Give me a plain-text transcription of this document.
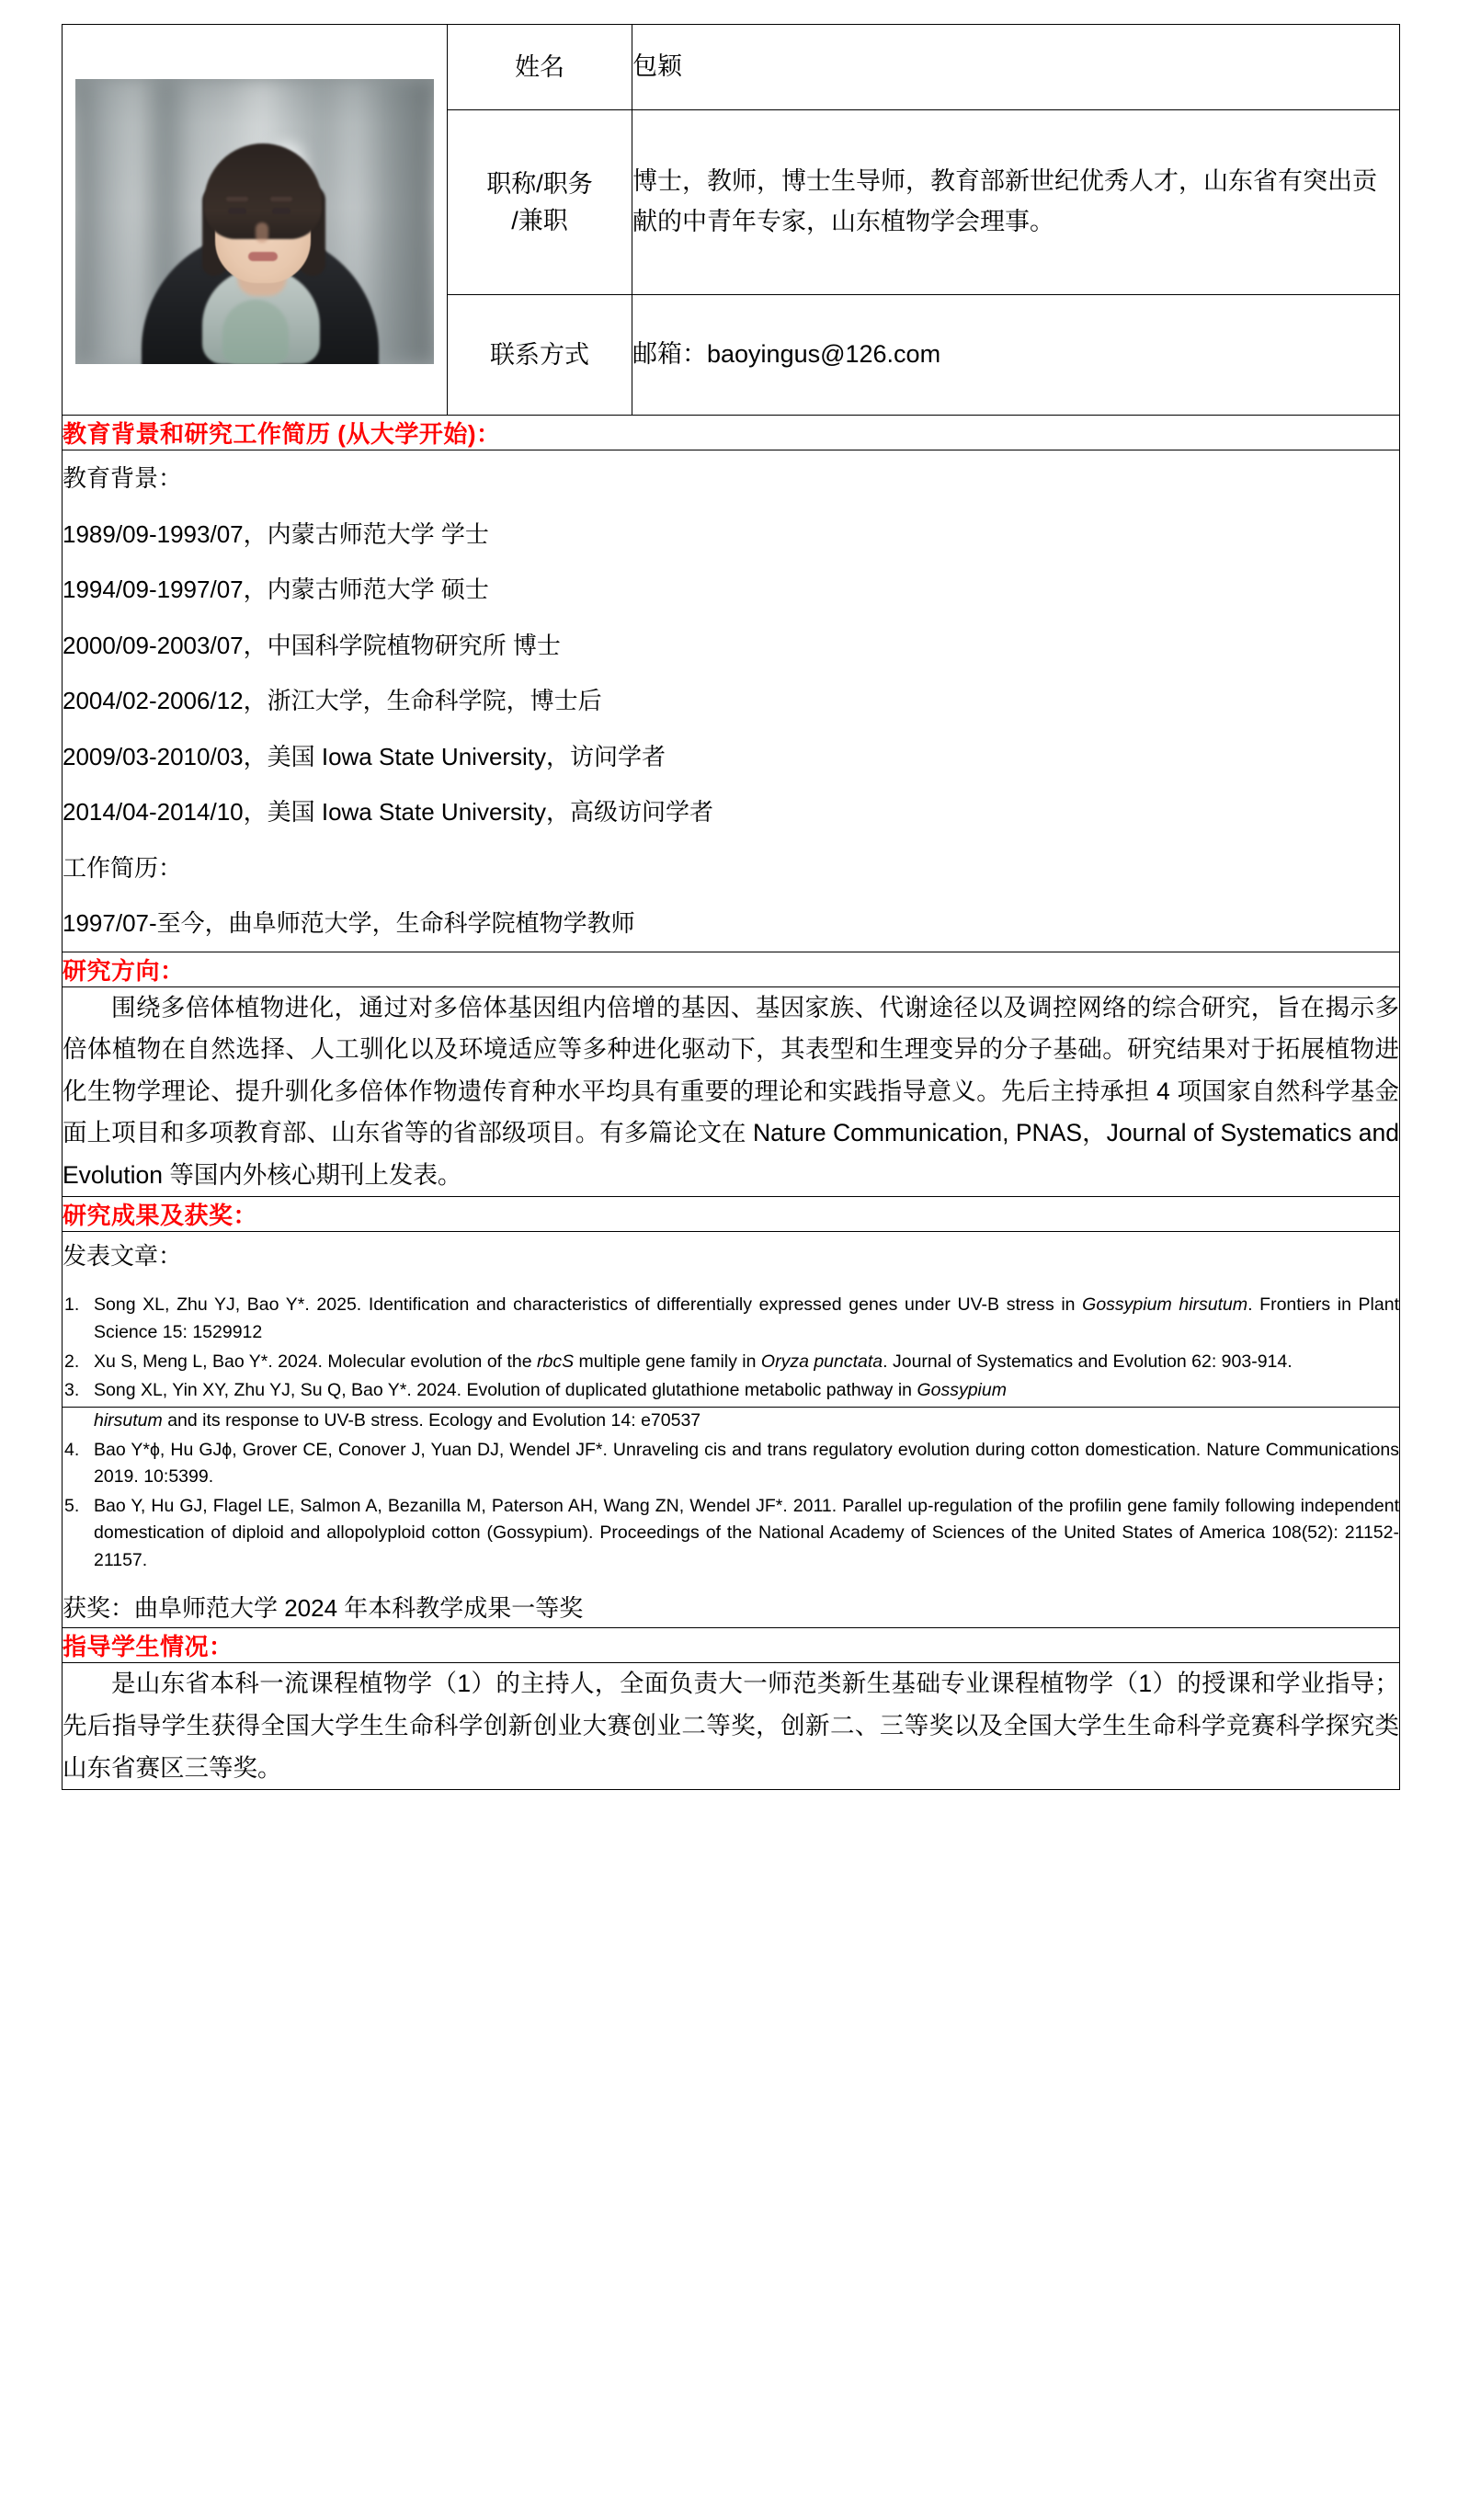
	姓名	包颖

	职称/职务
/兼职	博士，教师，博士生导师，教育部新世纪优秀人才，山东省有突出贡献的中青年专家，山东植物学会理事。
	联系方式	邮箱：baoyingus@126.com
教育背景和研究工作简历 (从大学开始)：		

教育背景：

1989/09-1993/07，内蒙古师范大学 学士

1994/09-1997/07，内蒙古师范大学 硕士

2000/09-2003/07，中国科学院植物研究所 博士

2004/02-2006/12，浙江大学，生命科学院，博士后

2009/03-2010/03，美国 Iowa State University，访问学者

2014/04-2014/10，美国 Iowa State University，高级访问学者

工作简历：

1997/07-至今，曲阜师范大学，生命科学院植物学教师

研究方向：		

围绕多倍体植物进化，通过对多倍体基因组内倍增的基因、基因家族、代谢途径以及调控网络的综合研究，旨在揭示多倍体植物在自然选择、人工驯化以及环境适应等多种进化驱动下，其表型和生理变异的分子基础。研究结果对于拓展植物进化生物学理论、提升驯化多倍体作物遗传育种水平均具有重要的理论和实践指导意义。先后主持承担 4 项国家自然科学基金面上项目和多项教育部、山东省等的省部级项目。有多篇论文在 Nature Communication, PNAS，Journal of Systematics and Evolution 等国内外核心期刊上发表。		

研究成果及获奖：		

发表文章：

Song XL, Zhu YJ, Bao Y*. 2025. Identification and characteristics of differentially expressed genes under UV-B stress in Gossypium hirsutum. Frontiers in Plant Science 15: 1529912
Xu S, Meng L, Bao Y*. 2024. Molecular evolution of the rbcS multiple gene family in Oryza punctata. Journal of Systematics and Evolution 62: 903-914.
Song XL, Yin XY, Zhu YJ, Su Q, Bao Y*. 2024. Evolution of duplicated glutathione metabolic pathway in Gossypium

hirsutum and its response to UV-B stress. Ecology and Evolution 14: e70537

Bao Y*ϕ, Hu GJϕ, Grover CE, Conover J, Yuan DJ, Wendel JF*. Unraveling cis and trans regulatory evolution during cotton domestication. Nature Communications 2019. 10:5399.
Bao Y, Hu GJ, Flagel LE, Salmon A, Bezanilla M, Paterson AH, Wang ZN, Wendel JF*. 2011. Parallel up-regulation of the profilin gene family following independent domestication of diploid and allopolyploid cotton (Gossypium). Proceedings of the National Academy of Sciences of the United States of America 108(52): 21152-21157.

获奖：曲阜师范大学 2024 年本科教学成果一等奖

指导学生情况：		

是山东省本科一流课程植物学（1）的主持人，全面负责大一师范类新生基础专业课程植物学（1）的授课和学业指导；先后指导学生获得全国大学生生命科学创新创业大赛创业二等奖，创新二、三等奖以及全国大学生生命科学竞赛科学探究类山东省赛区三等奖。		
